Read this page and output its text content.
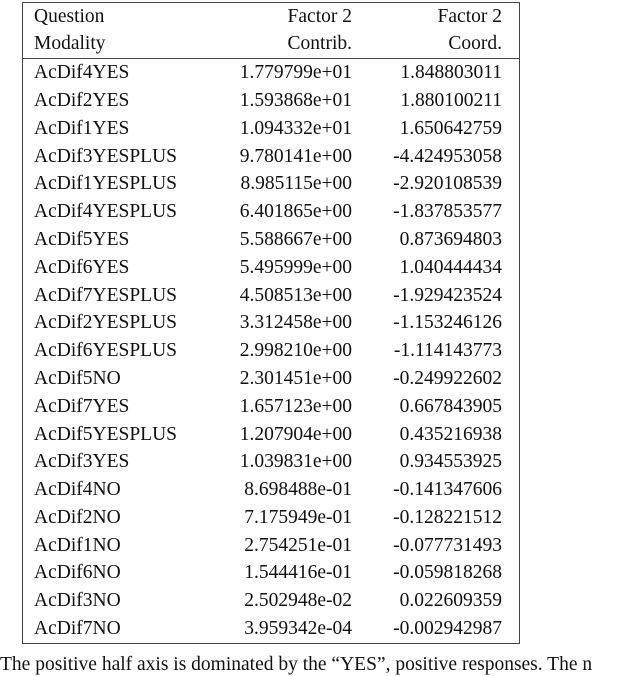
Question	Factor 2	Factor 2
Modality	Contrib.	Coord.
AcDif4YES	1.779799e+01	1.848803011
AcDif2YES	1.593868e+01	1.880100211
AcDif1YES	1.094332e+01	1.650642759
AcDif3YESPLUS	9.780141e+00	-4.424953058
AcDif1YESPLUS	8.985115e+00	-2.920108539
AcDif4YESPLUS	6.401865e+00	-1.837853577
AcDif5YES	5.588667e+00	0.873694803
AcDif6YES	5.495999e+00	1.040444434
AcDif7YESPLUS	4.508513e+00	-1.929423524
AcDif2YESPLUS	3.312458e+00	-1.153246126
AcDif6YESPLUS	2.998210e+00	-1.114143773
AcDif5NO	2.301451e+00	-0.249922602
AcDif7YES	1.657123e+00	0.667843905
AcDif5YESPLUS	1.207904e+00	0.435216938
AcDif3YES	1.039831e+00	0.934553925
AcDif4NO	8.698488e-01	-0.141347606
AcDif2NO	7.175949e-01	-0.128221512
AcDif1NO	2.754251e-01	-0.077731493
AcDif6NO	1.544416e-01	-0.059818268
AcDif3NO	2.502948e-02	0.022609359
AcDif7NO	3.959342e-04	-0.002942987
The positive half axis is dominated by the “YES”, positive responses. The n
